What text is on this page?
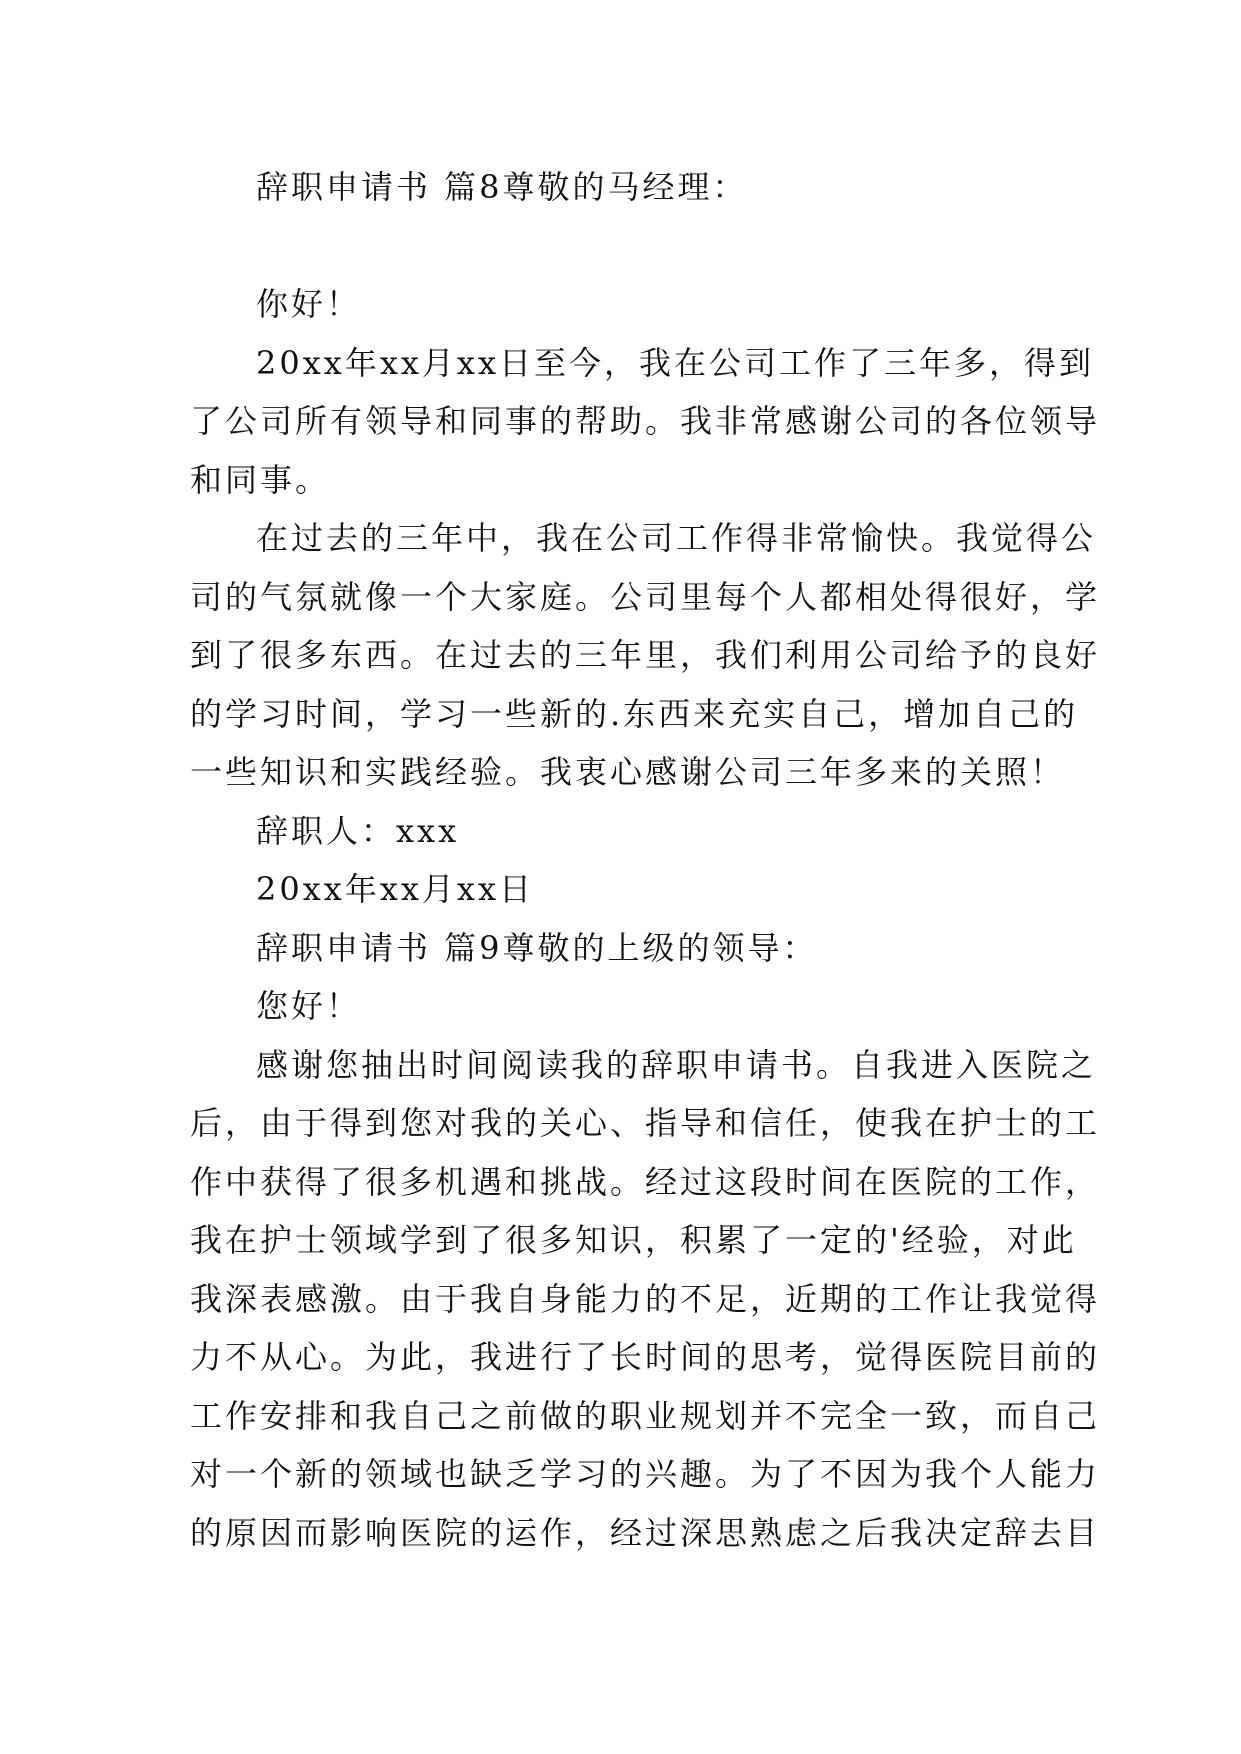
辞职申请书 篇8尊敬的马经理：
你好！
20xx年xx月xx日至今，我在公司工作了三年多，得到
了公司所有领导和同事的帮助。我非常感谢公司的各位领导
和同事。
在过去的三年中，我在公司工作得非常愉快。我觉得公
司的气氛就像一个大家庭。公司里每个人都相处得很好，学
到了很多东西。在过去的三年里，我们利用公司给予的良好
的学习时间，学习一些新的.东西来充实自己，增加自己的
一些知识和实践经验。我衷心感谢公司三年多来的关照！
辞职人：xxx
20xx年xx月xx日
辞职申请书 篇9尊敬的上级的领导：
您好！
感谢您抽出时间阅读我的辞职申请书。自我进入医院之
后，由于得到您对我的关心、指导和信任，使我在护士的工
作中获得了很多机遇和挑战。经过这段时间在医院的工作，
我在护士领域学到了很多知识，积累了一定的'经验，对此
我深表感激。由于我自身能力的不足，近期的工作让我觉得
力不从心。为此，我进行了长时间的思考，觉得医院目前的
工作安排和我自己之前做的职业规划并不完全一致，而自己
对一个新的领域也缺乏学习的兴趣。为了不因为我个人能力
的原因而影响医院的运作，经过深思熟虑之后我决定辞去目
